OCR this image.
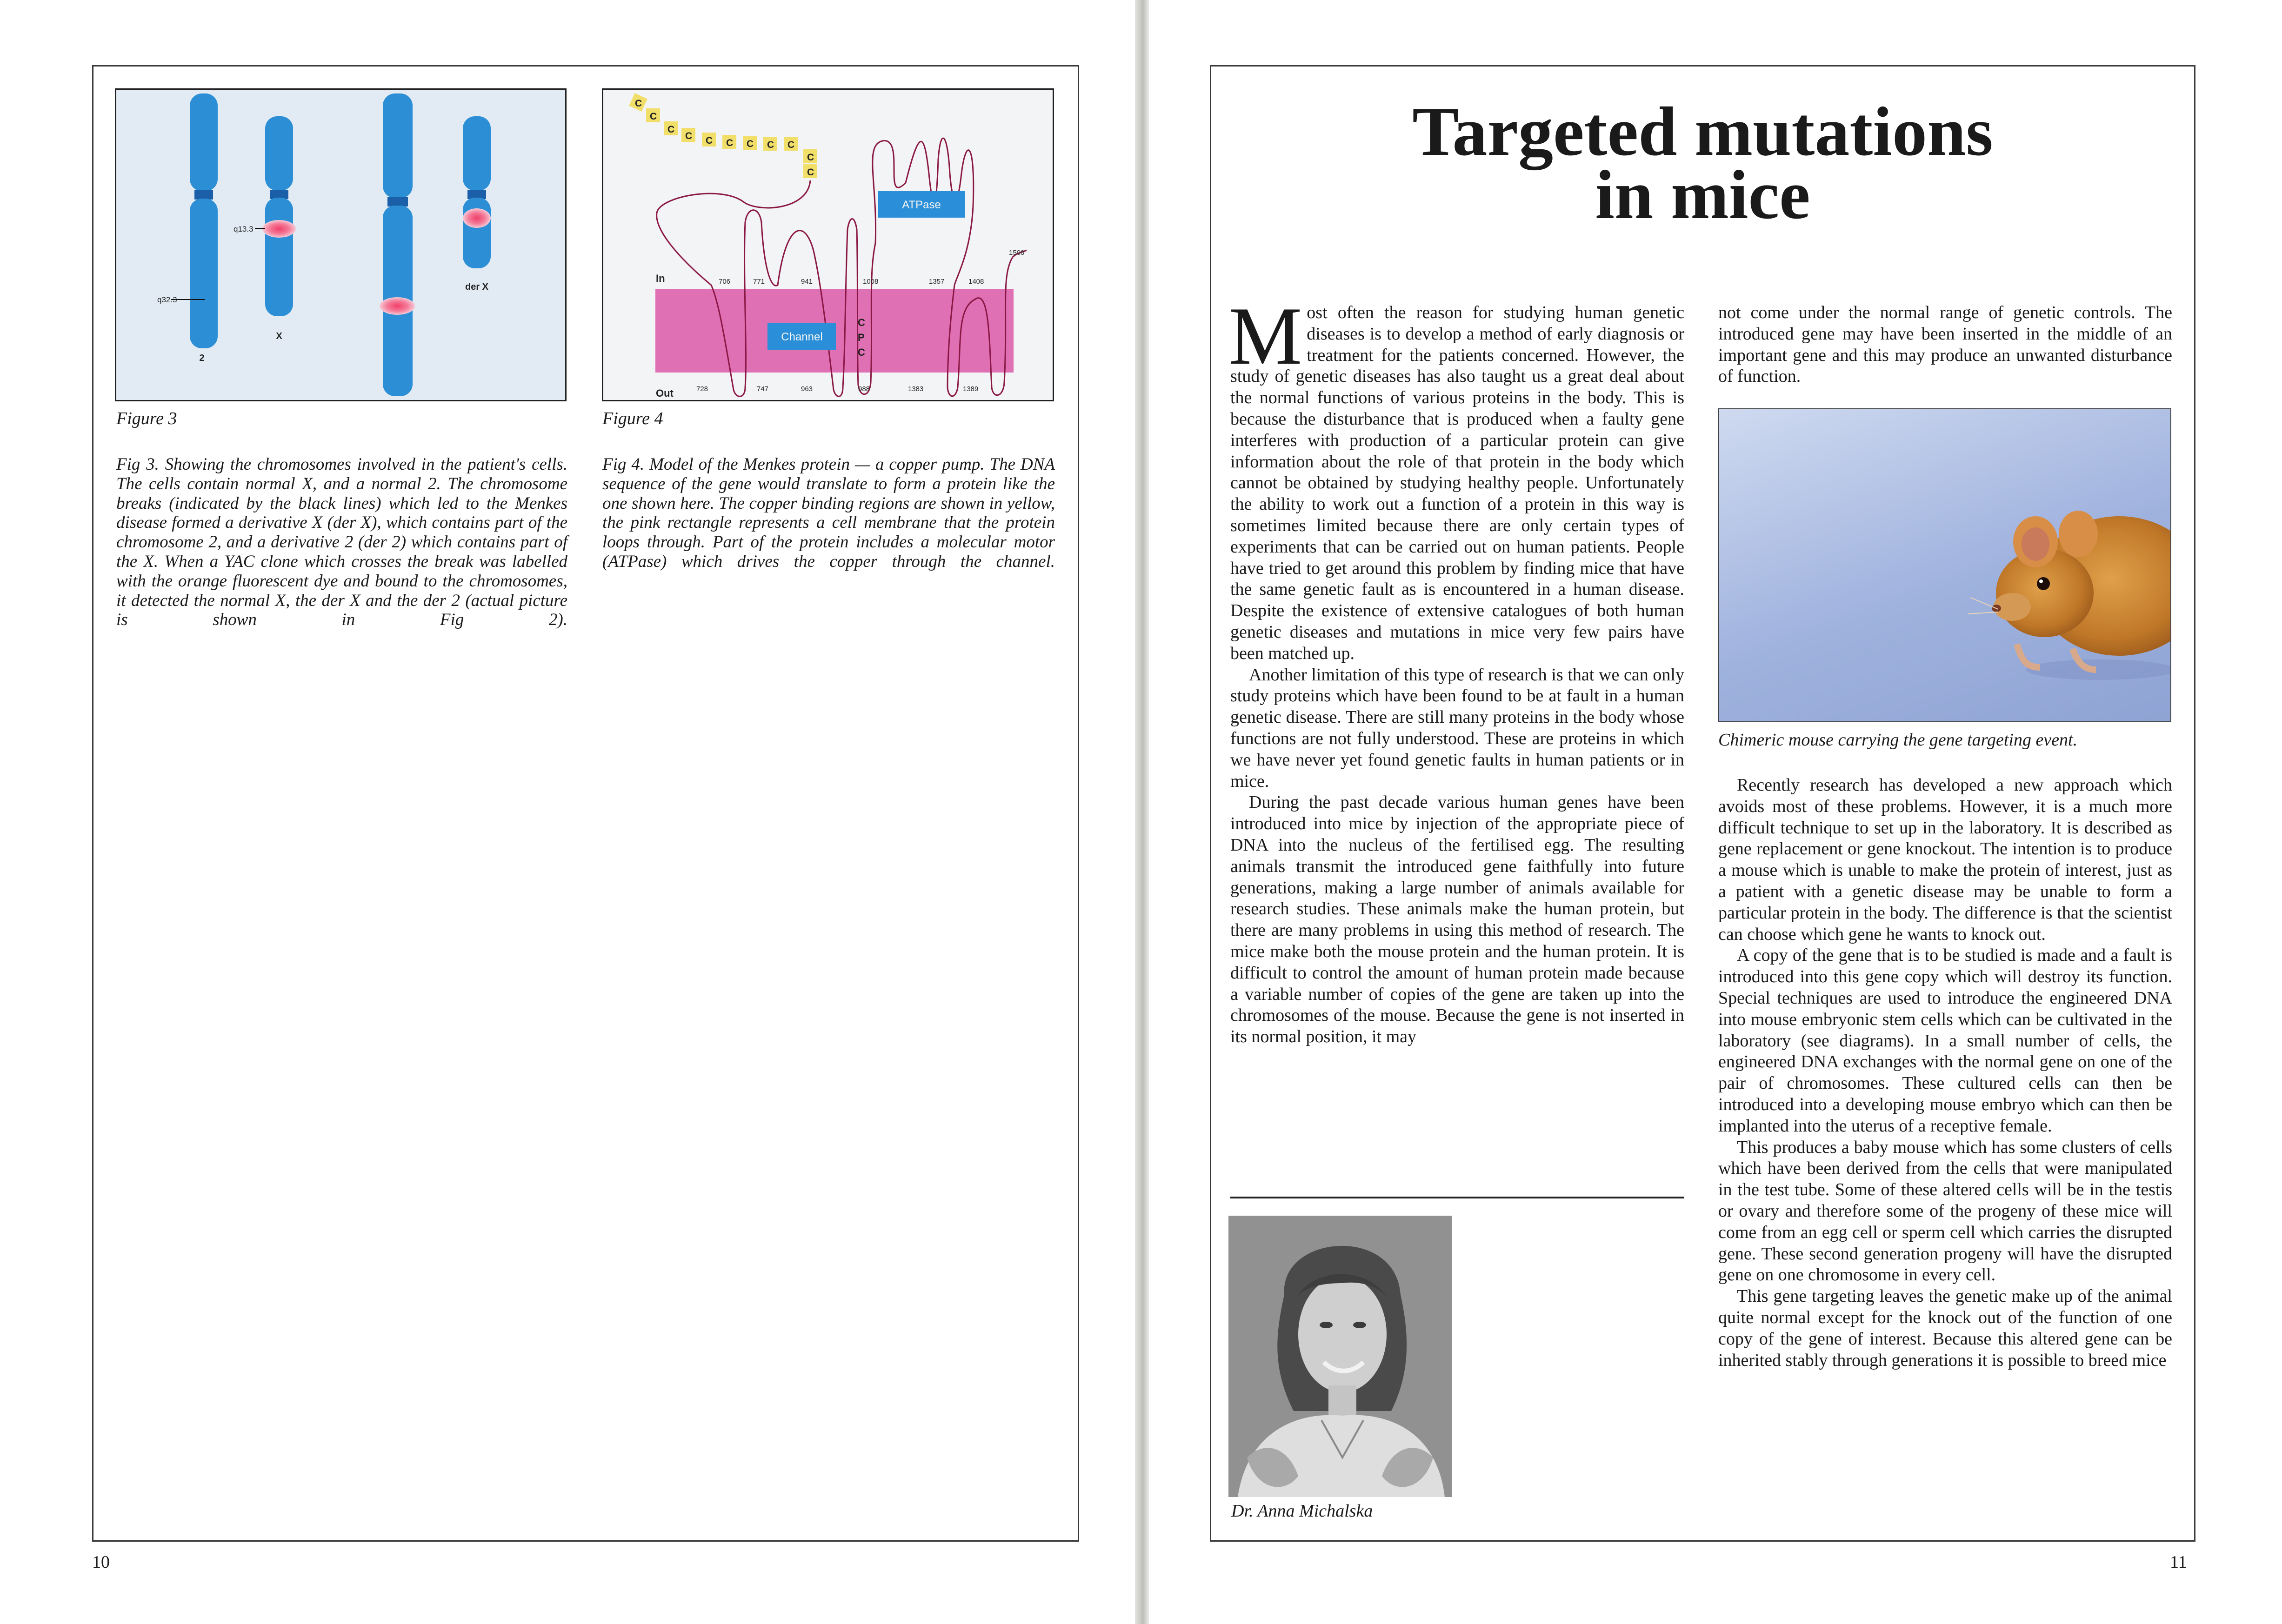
q13.3
q32.3
2
X
der X
Figure 3
Fig 3. Showing the chromosomes involved in the patient's cells. The cells contain normal X, and a normal 2. The chromosome breaks (indicated by the black lines) which led to the Menkes disease formed a derivative X (der X), which contains part of the chromosome 2, and a derivative 2 (der 2) which contains part of the X. When a YAC clone which crosses the break was labelled with the orange fluorescent dye and bound to the chromosomes, it detected the normal X, the der X and the der 2 (actual picture is shown in Fig 2).
ATPase
Channel
In
Out
C
P
C
C
C
C
C C C C C C
C
C
706	771	941	1008	1357	1408
728	747	963	988	1383	1389
1500
Figure 4
Fig 4. Model of the Menkes protein — a copper pump. The DNA sequence of the gene would translate to form a protein like the one shown here. The copper binding regions are shown in yellow, the pink rectangle represents a cell membrane that the protein loops through. Part of the protein includes a molecular motor (ATPase) which drives the copper through the channel.
10
Targeted mutations
in mice

Most often the reason for studying human genetic diseases is to develop a method of early diagnosis or treatment for the patients concerned. However, the study of genetic diseases has also taught us a great deal about the normal functions of various proteins in the body. This is because the disturbance that is produced when a faulty gene interferes with production of a particular protein can give information about the role of that protein in the body which cannot be obtained by studying healthy people. Unfortunately the ability to work out a function of a protein in this way is sometimes limited because there are only certain types of experiments that can be carried out on human patients. People have tried to get around this problem by finding mice that have the same genetic fault as is encountered in a human disease. Despite the existence of extensive catalogues of both human genetic diseases and mutations in mice very few pairs have been matched up.

Another limitation of this type of research is that we can only study proteins which have been found to be at fault in a human genetic disease. There are still many proteins in the body whose functions are not fully understood. These are proteins in which we have never yet found genetic faults in human patients or in mice.

During the past decade various human genes have been introduced into mice by injection of the appropriate piece of DNA into the nucleus of the fertilised egg. The resulting animals transmit the introduced gene faithfully into future generations, making a large number of animals available for research studies. These animals make the human protein, but there are many problems in using this method of research. The mice make both the mouse protein and the human protein. It is difficult to control the amount of human protein made because a variable number of copies of the gene are taken up into the chromosomes of the mouse. Because the gene is not inserted in its normal position, it may

Dr. Anna Michalska

not come under the normal range of genetic controls. The introduced gene may have been inserted in the middle of an important gene and this may produce an unwanted disturbance of function.

Chimeric mouse carrying the gene targeting event.

Recently research has developed a new approach which avoids most of these problems. However, it is a much more difficult technique to set up in the laboratory. It is described as gene replacement or gene knockout. The intention is to produce a mouse which is unable to make the protein of interest, just as a patient with a genetic disease may be unable to form a particular protein in the body. The difference is that the scientist can choose which gene he wants to knock out.

A copy of the gene that is to be studied is made and a fault is introduced into this gene copy which will destroy its function. Special techniques are used to introduce the engineered DNA into mouse embryonic stem cells which can be cultivated in the laboratory (see diagrams). In a small number of cells, the engineered DNA exchanges with the normal gene on one of the pair of chromosomes. These cultured cells can then be introduced into a developing mouse embryo which can then be implanted into the uterus of a receptive female.

This produces a baby mouse which has some clusters of cells which have been derived from the cells that were manipulated in the test tube. Some of these altered cells will be in the testis or ovary and therefore some of the progeny of these mice will come from an egg cell or sperm cell which carries the disrupted gene. These second generation progeny will have the disrupted gene on one chromosome in every cell.

This gene targeting leaves the genetic make up of the animal quite normal except for the knock out of the function of one copy of the gene of interest. Because this altered gene can be inherited stably through generations it is possible to breed mice

11
